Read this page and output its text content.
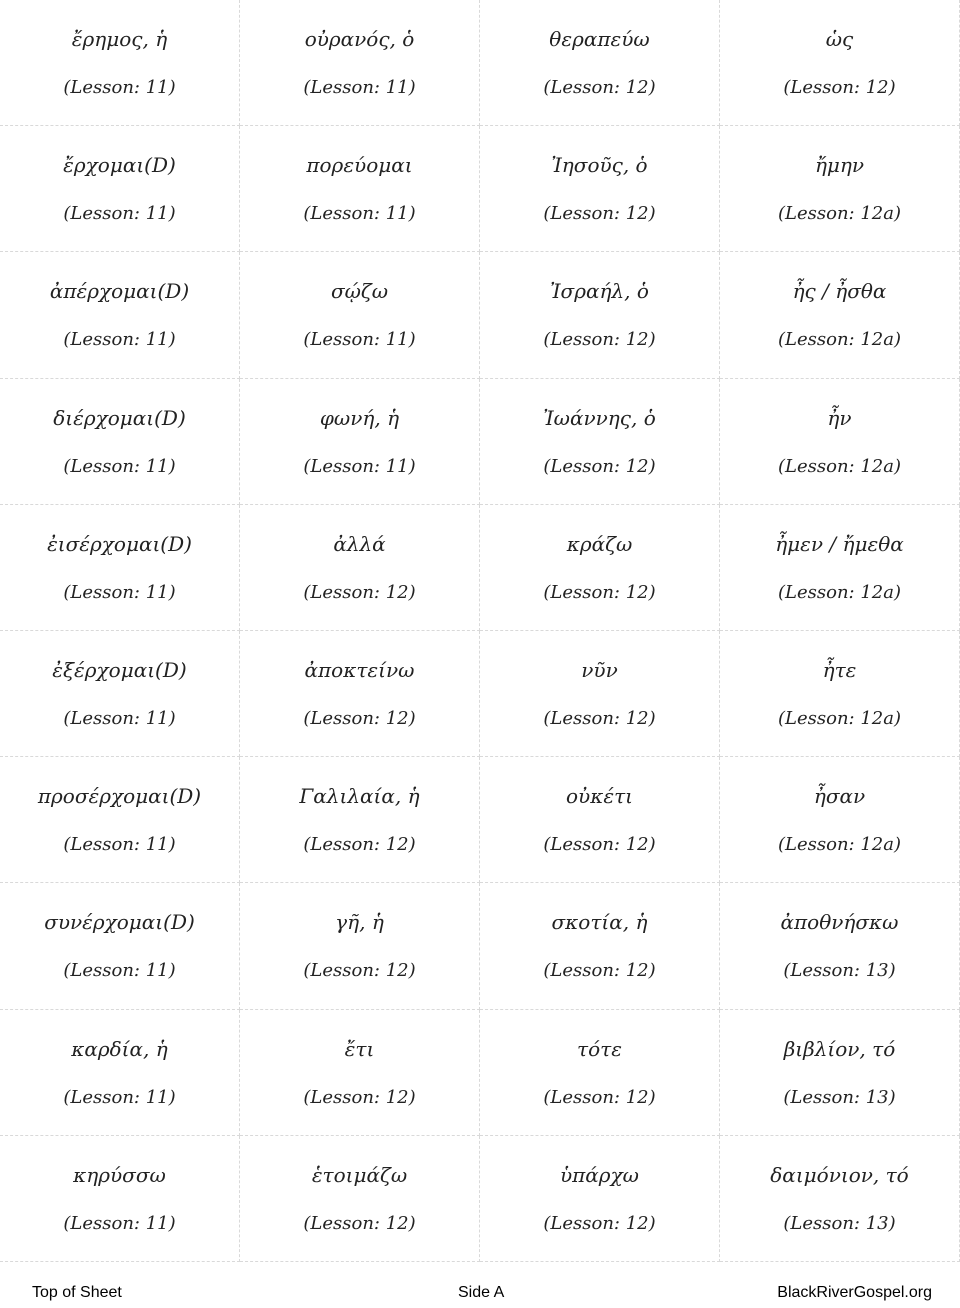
ἔρημος, ἡ
(Lesson: 11)
οὐρανός, ὁ
(Lesson: 11)
θεραπεύω
(Lesson: 12)
ὡς
(Lesson: 12)
ἔρχομαι(D)
(Lesson: 11)
πορεύομαι
(Lesson: 11)
Ἰησοῦς, ὁ
(Lesson: 12)
ἤμην
(Lesson: 12a)
ἀπέρχομαι(D)
(Lesson: 11)
σῴζω
(Lesson: 11)
Ἰσραήλ, ὁ
(Lesson: 12)
ἦς / ἦσθα
(Lesson: 12a)
διέρχομαι(D)
(Lesson: 11)
φωνή, ἡ
(Lesson: 11)
Ἰωάννης, ὁ
(Lesson: 12)
ἦν
(Lesson: 12a)
ἐισέρχομαι(D)
(Lesson: 11)
ἀλλά
(Lesson: 12)
κράζω
(Lesson: 12)
ἦμεν / ἤμεθα
(Lesson: 12a)
ἐξέρχομαι(D)
(Lesson: 11)
ἀποκτείνω
(Lesson: 12)
νῦν
(Lesson: 12)
ἦτε
(Lesson: 12a)
προσέρχομαι(D)
(Lesson: 11)
Γαλιλαία, ἡ
(Lesson: 12)
οὐκέτι
(Lesson: 12)
ἦσαν
(Lesson: 12a)
συνέρχομαι(D)
(Lesson: 11)
γῆ, ἡ
(Lesson: 12)
σκοτία, ἡ
(Lesson: 12)
ἀποθνήσκω
(Lesson: 13)
καρδία, ἡ
(Lesson: 11)
ἔτι
(Lesson: 12)
τότε
(Lesson: 12)
βιβλίον, τό
(Lesson: 13)
κηρύσσω
(Lesson: 11)
ἑτοιμάζω
(Lesson: 12)
ὑπάρχω
(Lesson: 12)
δαιμόνιον, τό
(Lesson: 13)
Top of Sheet	Side A	BlackRiverGospel.org
